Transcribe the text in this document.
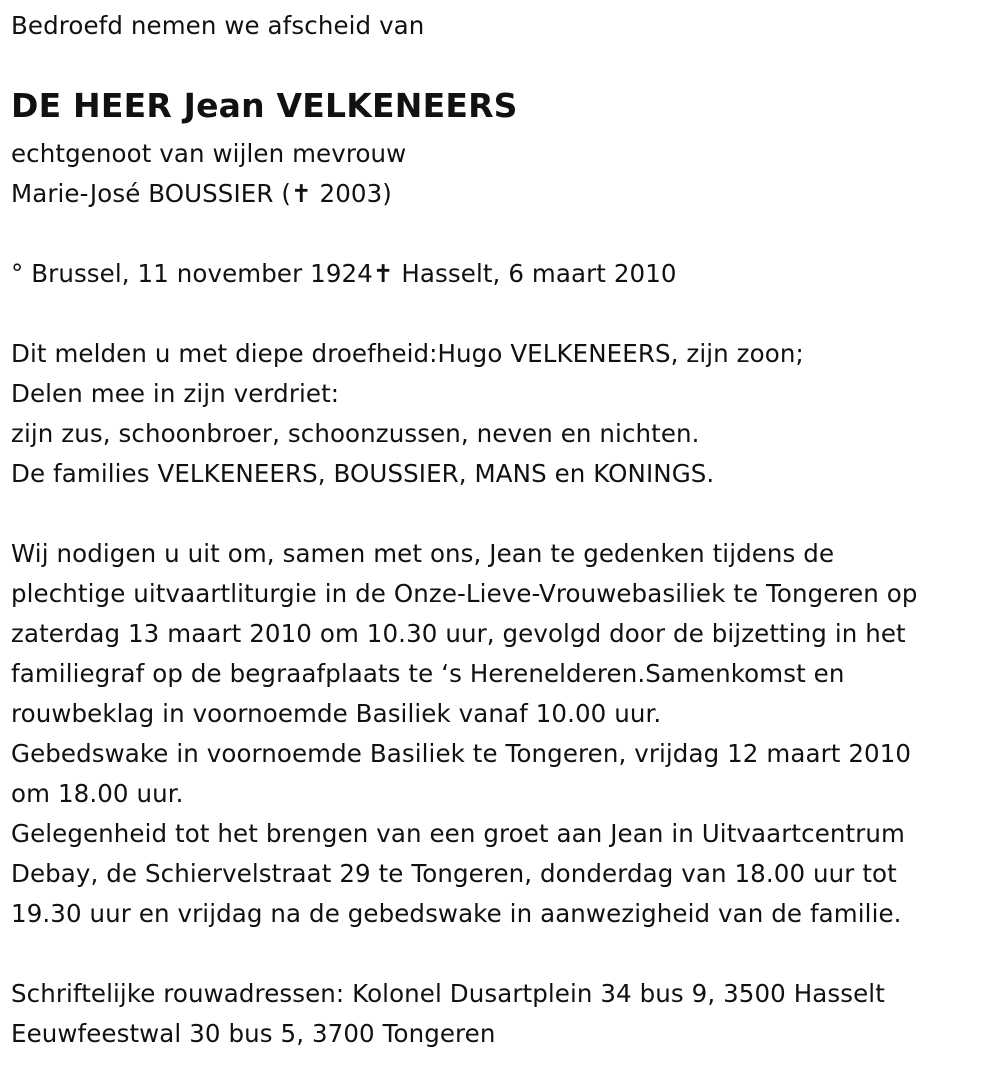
Bedroefd nemen we afscheid van
DE HEER Jean VELKENEERS
echtgenoot van wijlen mevrouw
Marie-José BOUSSIER (✝ 2003)
° Brussel, 11 november 1924✝ Hasselt, 6 maart 2010
Dit melden u met diepe droefheid:Hugo VELKENEERS, zijn zoon;
Delen mee in zijn verdriet:
zijn zus, schoonbroer, schoonzussen, neven en nichten.
De families VELKENEERS, BOUSSIER, MANS en KONINGS.
Wij nodigen u uit om, samen met ons, Jean te gedenken tijdens de
plechtige uitvaartliturgie in de Onze-Lieve-Vrouwebasiliek te Tongeren op
zaterdag 13 maart 2010 om 10.30 uur, gevolgd door de bijzetting in het
familiegraf op de begraafplaats te ‘s Herenelderen.Samenkomst en
rouwbeklag in voornoemde Basiliek vanaf 10.00 uur.
Gebedswake in voornoemde Basiliek te Tongeren, vrijdag 12 maart 2010
om 18.00 uur.
Gelegenheid tot het brengen van een groet aan Jean in Uitvaartcentrum
Debay, de Schiervelstraat 29 te Tongeren, donderdag van 18.00 uur tot
19.30 uur en vrijdag na de gebedswake in aanwezigheid van de familie.
Schriftelijke rouwadressen: Kolonel Dusartplein 34 bus 9, 3500 Hasselt
Eeuwfeestwal 30 bus 5, 3700 Tongeren
